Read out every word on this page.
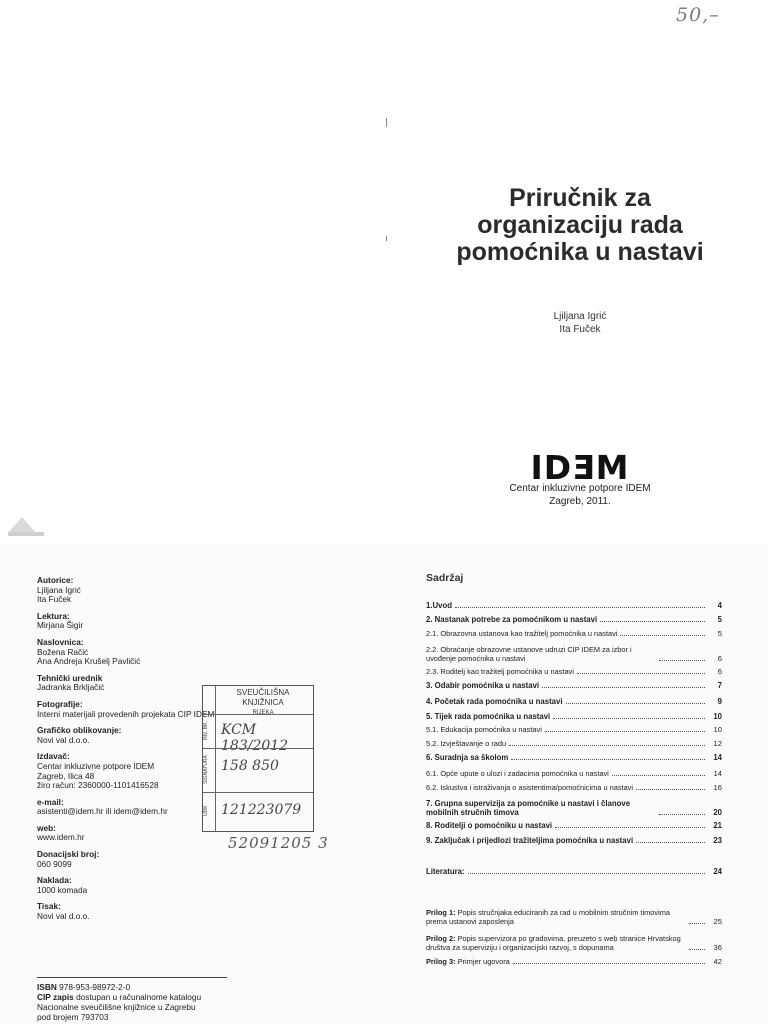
50,–
Priručnik za
organizaciju rada
pomoćnika u nastavi
Ljiljana Igrić
Ita Fuček
IDƎM
Centar inkluzivne potpore IDEM
Zagreb, 2011.
Autorice:
Ljiljana Igrić
Ita Fuček
Lektura:
Mirjana Šigir
Naslovnica:
Božena Račić
Ana Andreja Krušelj Pavličić
Tehnički urednik
Jadranka Brkljačić
Fotografije:
Interni materijali provedenih projekata CIP IDEM
Grafičko oblikovanje:
Novi val d.o.o.
Izdavač:
Centar inkluzivne potpore IDEM
Zagreb, Ilica 48
žiro račun: 2360000-1101416528
e-mail:
asistenti@idem.hr ili idem@idem.hr
web:
www.idem.hr
Donacijski broj:
060 9099
Naklada:
1000 komada
Tisak:
Novi val d.o.o.
ISBN 978-953-98972-2-0
CIP zapis dostupan u računalnome katalogu
Nacionalne sveučilišne knjižnice u Zagrebu
pod brojem 793703
SVEUČILIŠNA KNJIŽNICA
RIJEKA
INV. BR. KCM 183/2012
SIGNATURA 158 850
UDK 121223079
52091205 3
Sadržaj
1.Uvod	4
2. Nastanak potrebe za pomoćnikom u nastavi	5
2.1. Obrazovna ustanova kao tražitelj pomoćnika u nastavi	5
2.2. Obraćanje obrazovne ustanove udruzi CIP IDEM za izbor i uvođenje pomoćnika u nastavi	6
2.3. Roditelj kao tražitelj pomoćnika u nastavi	6
3. Odabir pomoćnika u nastavi	7
4. Početak rada pomoćnika u nastavi	9
5. Tijek rada pomoćnika u nastavi	10
5.1. Edukacija pomoćnika u nastavi	10
5.2. Izvještavanje o radu	12
6. Suradnja sa školom	14
6.1. Opće upute o ulozi i zadacima pomoćnika u nastavi	14
6.2. Iskustva i istraživanja o asistentima/pomoćnicima u nastavi	16
7. Grupna supervizija za pomoćnike u nastavi i članove mobilnih stručnih timova	20
8. Roditelji o pomoćniku u nastavi	21
9. Zaključak i prijedlozi tražiteljima pomoćnika u nastavi	23
Literatura:	24
Prilog 1: Popis stručnjaka educiranih za rad u mobilnim stručnim timovima prema ustanovi zaposlenja	25
Prilog 2: Popis supervizora po gradovima, preuzeto s web stranice Hrvatskog društva za superviziju i organizacijski razvoj, s dopunama	36
Prilog 3: Primjer ugovora	42
